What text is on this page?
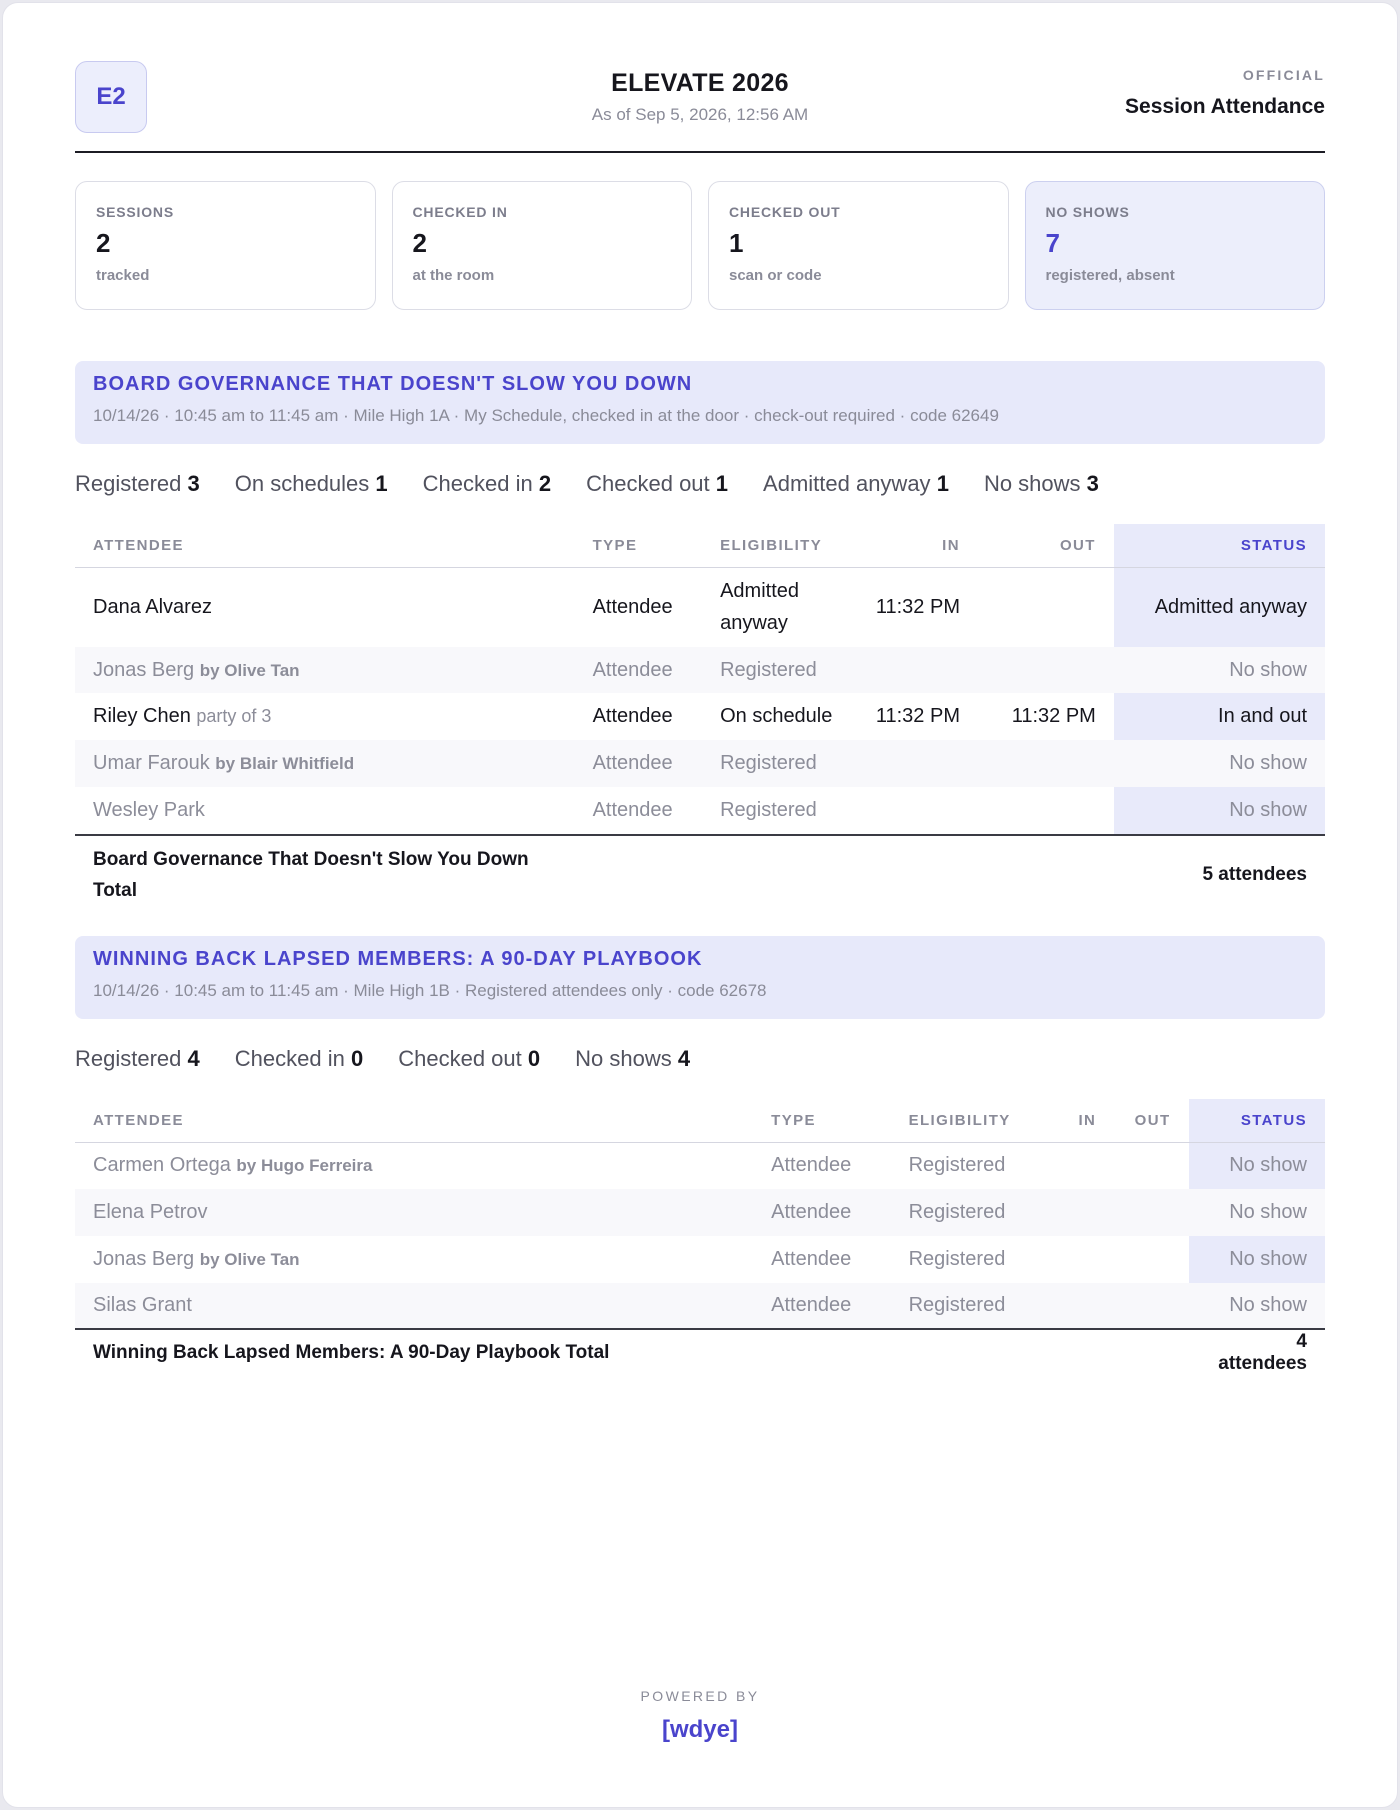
E2	ELEVATE 2026
As of Sep 5, 2026, 12:56 AM
OFFICIAL
Session Attendance
SESSIONS
2
tracked
CHECKED IN
2
at the room
CHECKED OUT
1
scan or code
NO SHOWS
7
registered, absent
BOARD GOVERNANCE THAT DOESN'T SLOW YOU DOWN
10/14/26 · 10:45 am to 11:45 am · Mile High 1A · My Schedule, checked in at the door · check-out required · code 62649
Registered 3 On schedules 1 Checked in 2 Checked out 1 Admitted anyway 1 No shows 3
ATTENDEE	TYPE	ELIGIBILITY	IN	OUT	STATUS
Dana Alvarez	Attendee	Admitted anyway	11:32 PM		Admitted anyway
Jonas Berg by Olive Tan	Attendee	Registered			No show
Riley Chen party of 3	Attendee	On schedule	11:32 PM	11:32 PM	In and out
Umar Farouk by Blair Whitfield	Attendee	Registered			No show
Wesley Park	Attendee	Registered			No show
Board Governance That Doesn't Slow You Down Total					5 attendees
WINNING BACK LAPSED MEMBERS: A 90-DAY PLAYBOOK
10/14/26 · 10:45 am to 11:45 am · Mile High 1B · Registered attendees only · code 62678
Registered 4 Checked in 0 Checked out 0 No shows 4
ATTENDEE	TYPE	ELIGIBILITY	IN	OUT	STATUS
Carmen Ortega by Hugo Ferreira	Attendee	Registered			No show
Elena Petrov	Attendee	Registered			No show
Jonas Berg by Olive Tan	Attendee	Registered			No show
Silas Grant	Attendee	Registered			No show
Winning Back Lapsed Members: A 90-Day Playbook Total					4 attendees
POWERED BY
[wdye]
